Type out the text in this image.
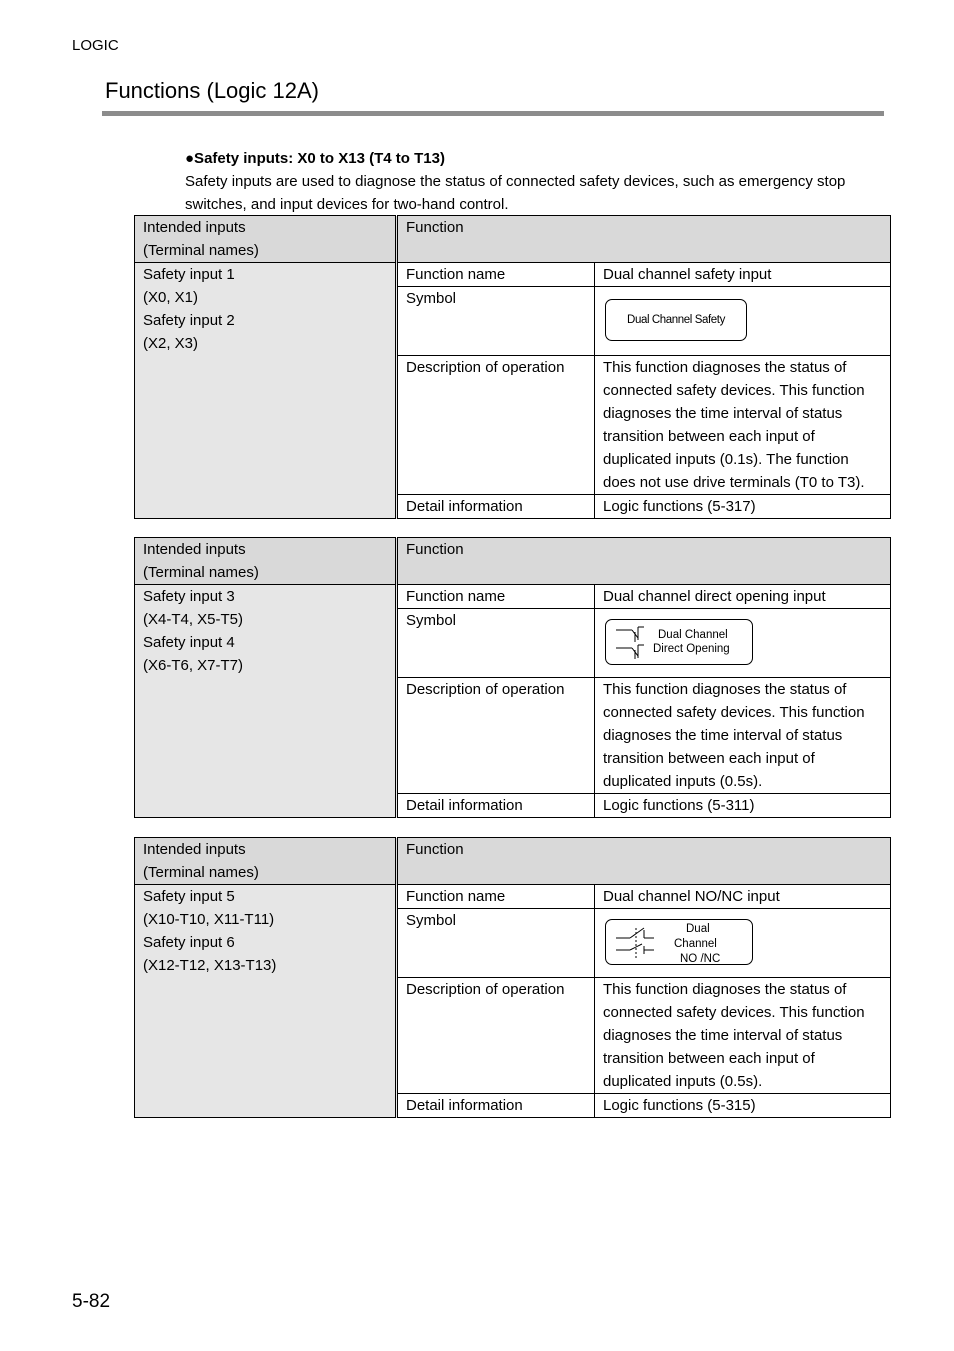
LOGIC
Functions (Logic 12A)
●Safety inputs: X0 to X13 (T4 to T13)
Safety inputs are used to diagnose the status of connected safety devices, such as emergency stop switches, and input devices for two-hand control.
Intended inputs
(Terminal names)	Function	

Safety input 1
(X0, X1)
Safety input 2
(X2, X3)	Function name	Dual channel safety input
	Symbol	Dual Channel Safety
	Description of operation	This function diagnoses the status of connected safety devices. This function diagnoses the time interval of status transition between each input of duplicated inputs (0.1s). The function does not use drive terminals (T0 to T3).
	Detail information	Logic functions (5-317)
Intended inputs
(Terminal names)	Function	

Safety input 3
(X4-T4, X5-T5)
Safety input 4
(X6-T6, X7-T7)	Function name	Dual channel direct opening input
	Symbol	Dual Channel
Direct Opening

	Description of operation	This function diagnoses the status of connected safety devices. This function diagnoses the time interval of status transition between each input of duplicated inputs (0.5s).
	Detail information	Logic functions (5-311)
Intended inputs
(Terminal names)	Function	

Safety input 5
(X10-T10, X11-T11)
Safety input 6
(X12-T12, X13-T13)	Function name	Dual channel NO/NC input
	Symbol	Dual
Channel
NO /NC

	Description of operation	This function diagnoses the status of connected safety devices. This function diagnoses the time interval of status transition between each input of duplicated inputs (0.5s).
	Detail information	Logic functions (5-315)
5-82
